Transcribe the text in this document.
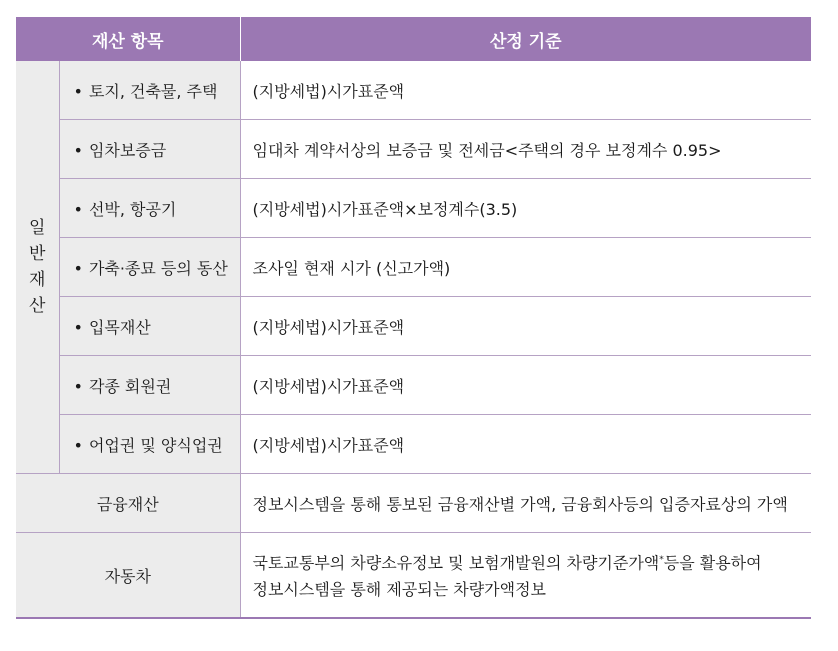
재산 항목		산정 기준

일반재산	• 토지, 건축물, 주택	(지방세법)시가표준액
	• 임차보증금	임대차 계약서상의 보증금 및 전세금<주택의 경우 보정계수 0.95>
	• 선박, 항공기	(지방세법)시가표준액×보정계수(3.5)
	• 가축·종묘 등의 동산	조사일 현재 시가 (신고가액)
	• 입목재산	(지방세법)시가표준액
	• 각종 회원권	(지방세법)시가표준액
	• 어업권 및 양식업권	(지방세법)시가표준액
금융재산		정보시스템을 통해 통보된 금융재산별 가액, 금융회사등의 입증자료상의 가액
자동차		국토교통부의 차량소유정보 및 보험개발원의 차량기준가액*등을 활용하여
정보시스템을 통해 제공되는 차량가액정보
